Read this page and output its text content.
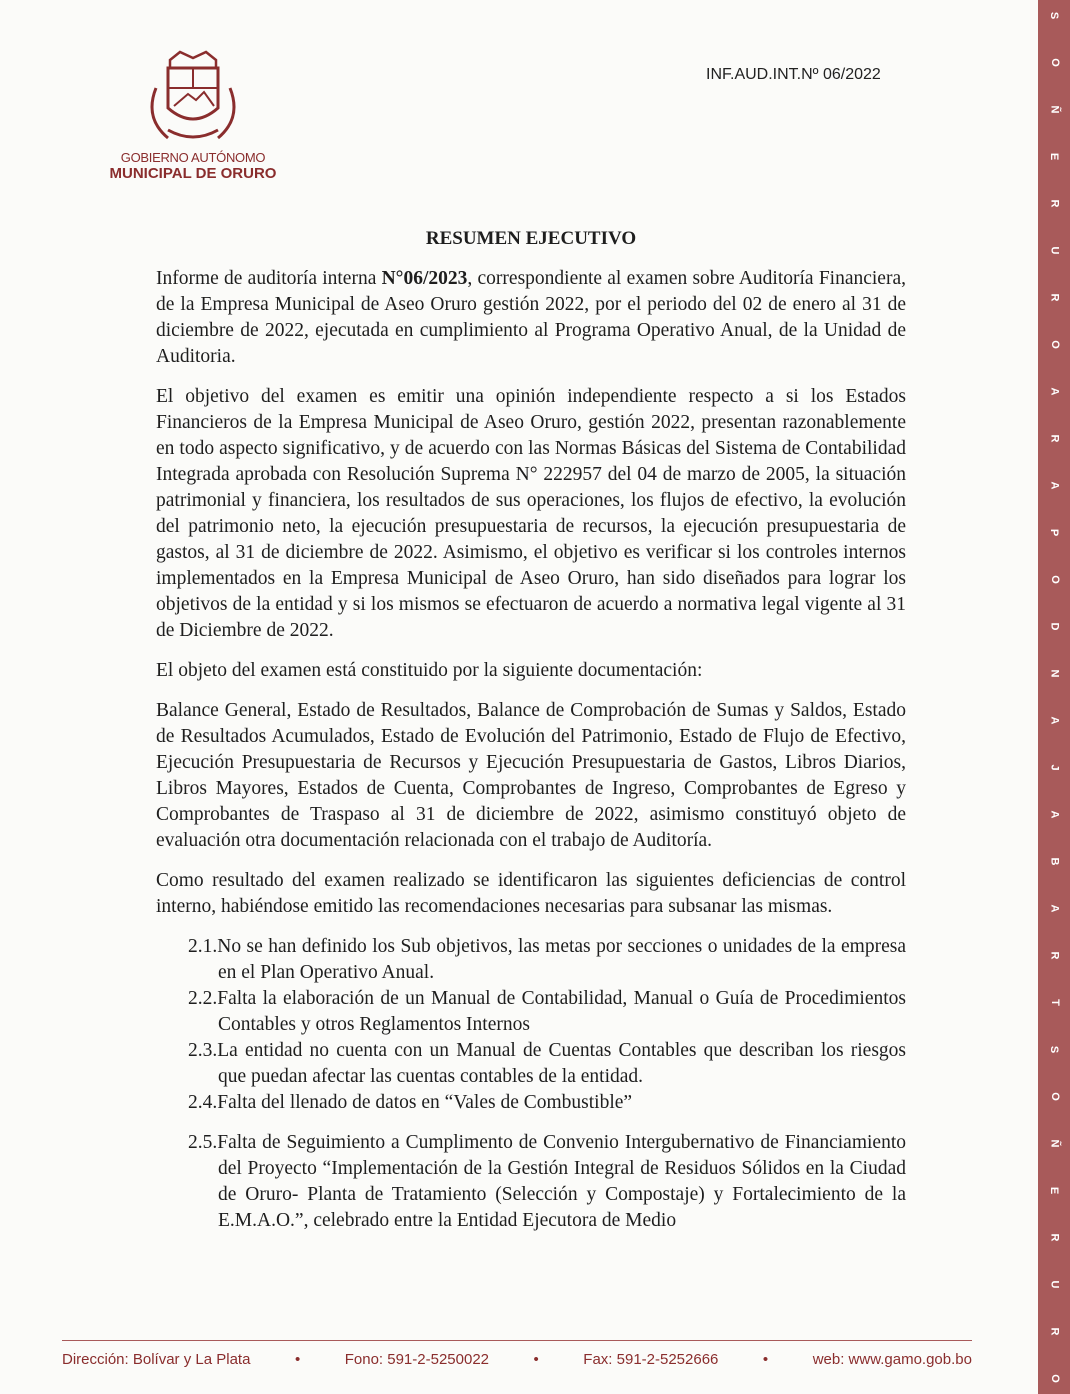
S
O
Ñ
E
R
U
R
O
A
R
A
P
O
D
N
A
J
A
B
A
R
T
S
O
Ñ
E
R
U
R
O
GOBIERNO AUTÓNOMO
MUNICIPAL DE ORURO
INF.AUD.INT.Nº 06/2022
RESUMEN EJECUTIVO

Informe de auditoría interna N°06/2023, correspondiente al examen sobre Auditoría Financiera, de la Empresa Municipal de Aseo Oruro gestión 2022, por el periodo del 02 de enero al 31 de diciembre de 2022, ejecutada en cumplimiento al Programa Operativo Anual, de la Unidad de Auditoria.

El objetivo del examen es emitir una opinión independiente respecto a si los Estados Financieros de la Empresa Municipal de Aseo Oruro, gestión 2022, presentan razonablemente en todo aspecto significativo, y de acuerdo con las Normas Básicas del Sistema de Contabilidad Integrada aprobada con Resolución Suprema N° 222957 del 04 de marzo de 2005, la situación patrimonial y financiera, los resultados de sus operaciones, los flujos de efectivo, la evolución del patrimonio neto, la ejecución presupuestaria de recursos, la ejecución presupuestaria de gastos, al 31 de diciembre de 2022. Asimismo, el objetivo es verificar si los controles internos implementados en la Empresa Municipal de Aseo Oruro, han sido diseñados para lograr los objetivos de la entidad y si los mismos se efectuaron de acuerdo a normativa legal vigente al 31 de Diciembre de 2022.

El objeto del examen está constituido por la siguiente documentación:

Balance General, Estado de Resultados, Balance de Comprobación de Sumas y Saldos, Estado de Resultados Acumulados, Estado de Evolución del Patrimonio, Estado de Flujo de Efectivo, Ejecución Presupuestaria de Recursos y Ejecución Presupuestaria de Gastos, Libros Diarios, Libros Mayores, Estados de Cuenta, Comprobantes de Ingreso, Comprobantes de Egreso y Comprobantes de Traspaso al 31 de diciembre de 2022, asimismo constituyó objeto de evaluación otra documentación relacionada con el trabajo de Auditoría.

Como resultado del examen realizado se identificaron las siguientes deficiencias de control interno, habiéndose emitido las recomendaciones necesarias para subsanar las mismas.

2.1.No se han definido los Sub objetivos, las metas por secciones o unidades de la empresa en el Plan Operativo Anual.
2.2.Falta la elaboración de un Manual de Contabilidad, Manual o Guía de Procedimientos Contables y otros Reglamentos Internos
2.3.La entidad no cuenta con un Manual de Cuentas Contables que describan los riesgos que puedan afectar las cuentas contables de la entidad.
2.4.Falta del llenado de datos en “Vales de Combustible”
2.5.Falta de Seguimiento a Cumplimento de Convenio Intergubernativo de Financiamiento del Proyecto “Implementación de la Gestión Integral de Residuos Sólidos en la Ciudad de Oruro- Planta de Tratamiento (Selección y Compostaje) y Fortalecimiento de la E.M.A.O.”, celebrado entre la Entidad Ejecutora de Medio
Dirección: Bolívar y La Plata	•	Fono: 591-2-5250022	•	Fax: 591-2-5252666	•	web: www.gamo.gob.bo
